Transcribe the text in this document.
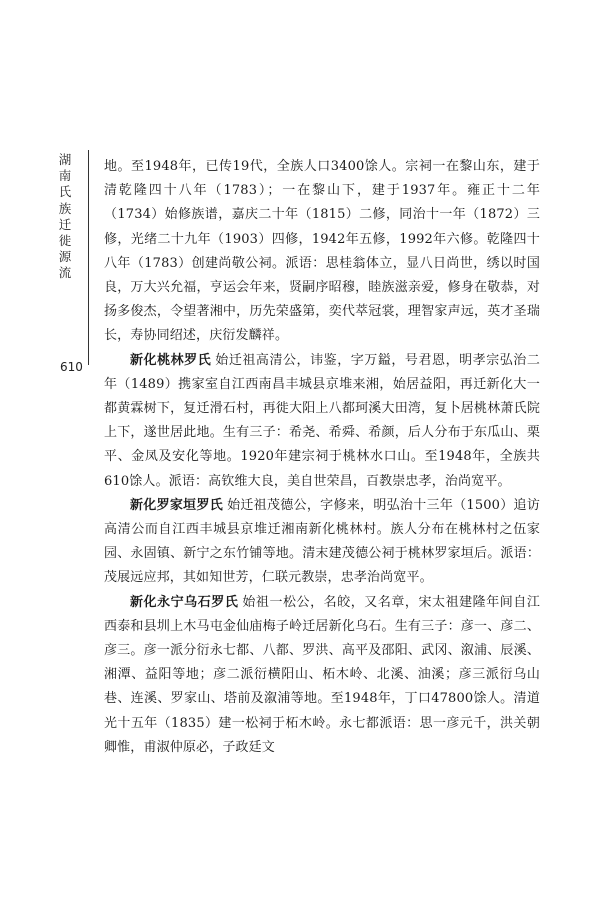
湖南氏族迁徙源流
610

地。至1948年，已传19代，全族人口3400馀人。宗祠一在黎山东，建于清乾隆四十八年（1783）；一在黎山下，建于1937年。雍正十二年（1734）始修族谱，嘉庆二十年（1815）二修，同治十一年（1872）三修，光绪二十九年（1903）四修，1942年五修，1992年六修。乾隆四十八年（1783）创建尚敬公祠。派语：思桂翁体立，显八日尚世，绣以时国良，万大兴允福，亨运会年来，贤嗣序昭穆，睦族滋亲爱，修身在敬恭，对扬多俊杰，令望著湘中，历先荣盛第，奕代萃冠裳，理智家声远，英才圣瑞长，寿协同绍述，庆衍发麟祥。

新化桃林罗氏 始迁祖高清公，讳鉴，字万鎰，号君恩，明孝宗弘治二年（1489）携家室自江西南昌丰城县京堆来湘，始居益阳，再迁新化大一都黄霖树下，复迁滑石村，再徙大阳上八都珂溪大田湾，复卜居桃林萧氏院上下，遂世居此地。生有三子：希尧、希舜、希颜，后人分布于东瓜山、栗平、金凤及安化等地。1920年建宗祠于桃林水口山。至1948年，全族共610馀人。派语：高钦维大良，美自世荣昌，百教崇忠孝，治尚宽平。

新化罗家垣罗氏 始迁祖茂德公，字修来，明弘治十三年（1500）追访高清公而自江西丰城县京堆迁湘南新化桃林村。族人分布在桃林村之伍家园、永固镇、新宁之东竹铺等地。清末建茂德公祠于桃林罗家垣后。派语：茂展远应邦，其如知世芳，仁联元教崇，忠孝治尚宽平。

新化永宁乌石罗氏 始祖一松公，名皎，又名章，宋太祖建隆年间自江西泰和县圳上木马屯金仙庙梅子岭迁居新化乌石。生有三子：彦一、彦二、彦三。彦一派分衍永七都、八都、罗洪、高平及邵阳、武冈、溆浦、辰溪、湘潭、益阳等地；彦二派衍横阳山、柘木岭、北溪、油溪；彦三派衍乌山巷、连溪、罗家山、塔前及溆浦等地。至1948年，丁口47800馀人。清道光十五年（1835）建一松祠于柘木岭。永七都派语：思一彦元千，洪关朝卿惟，甫淑仲原必，子政廷文
